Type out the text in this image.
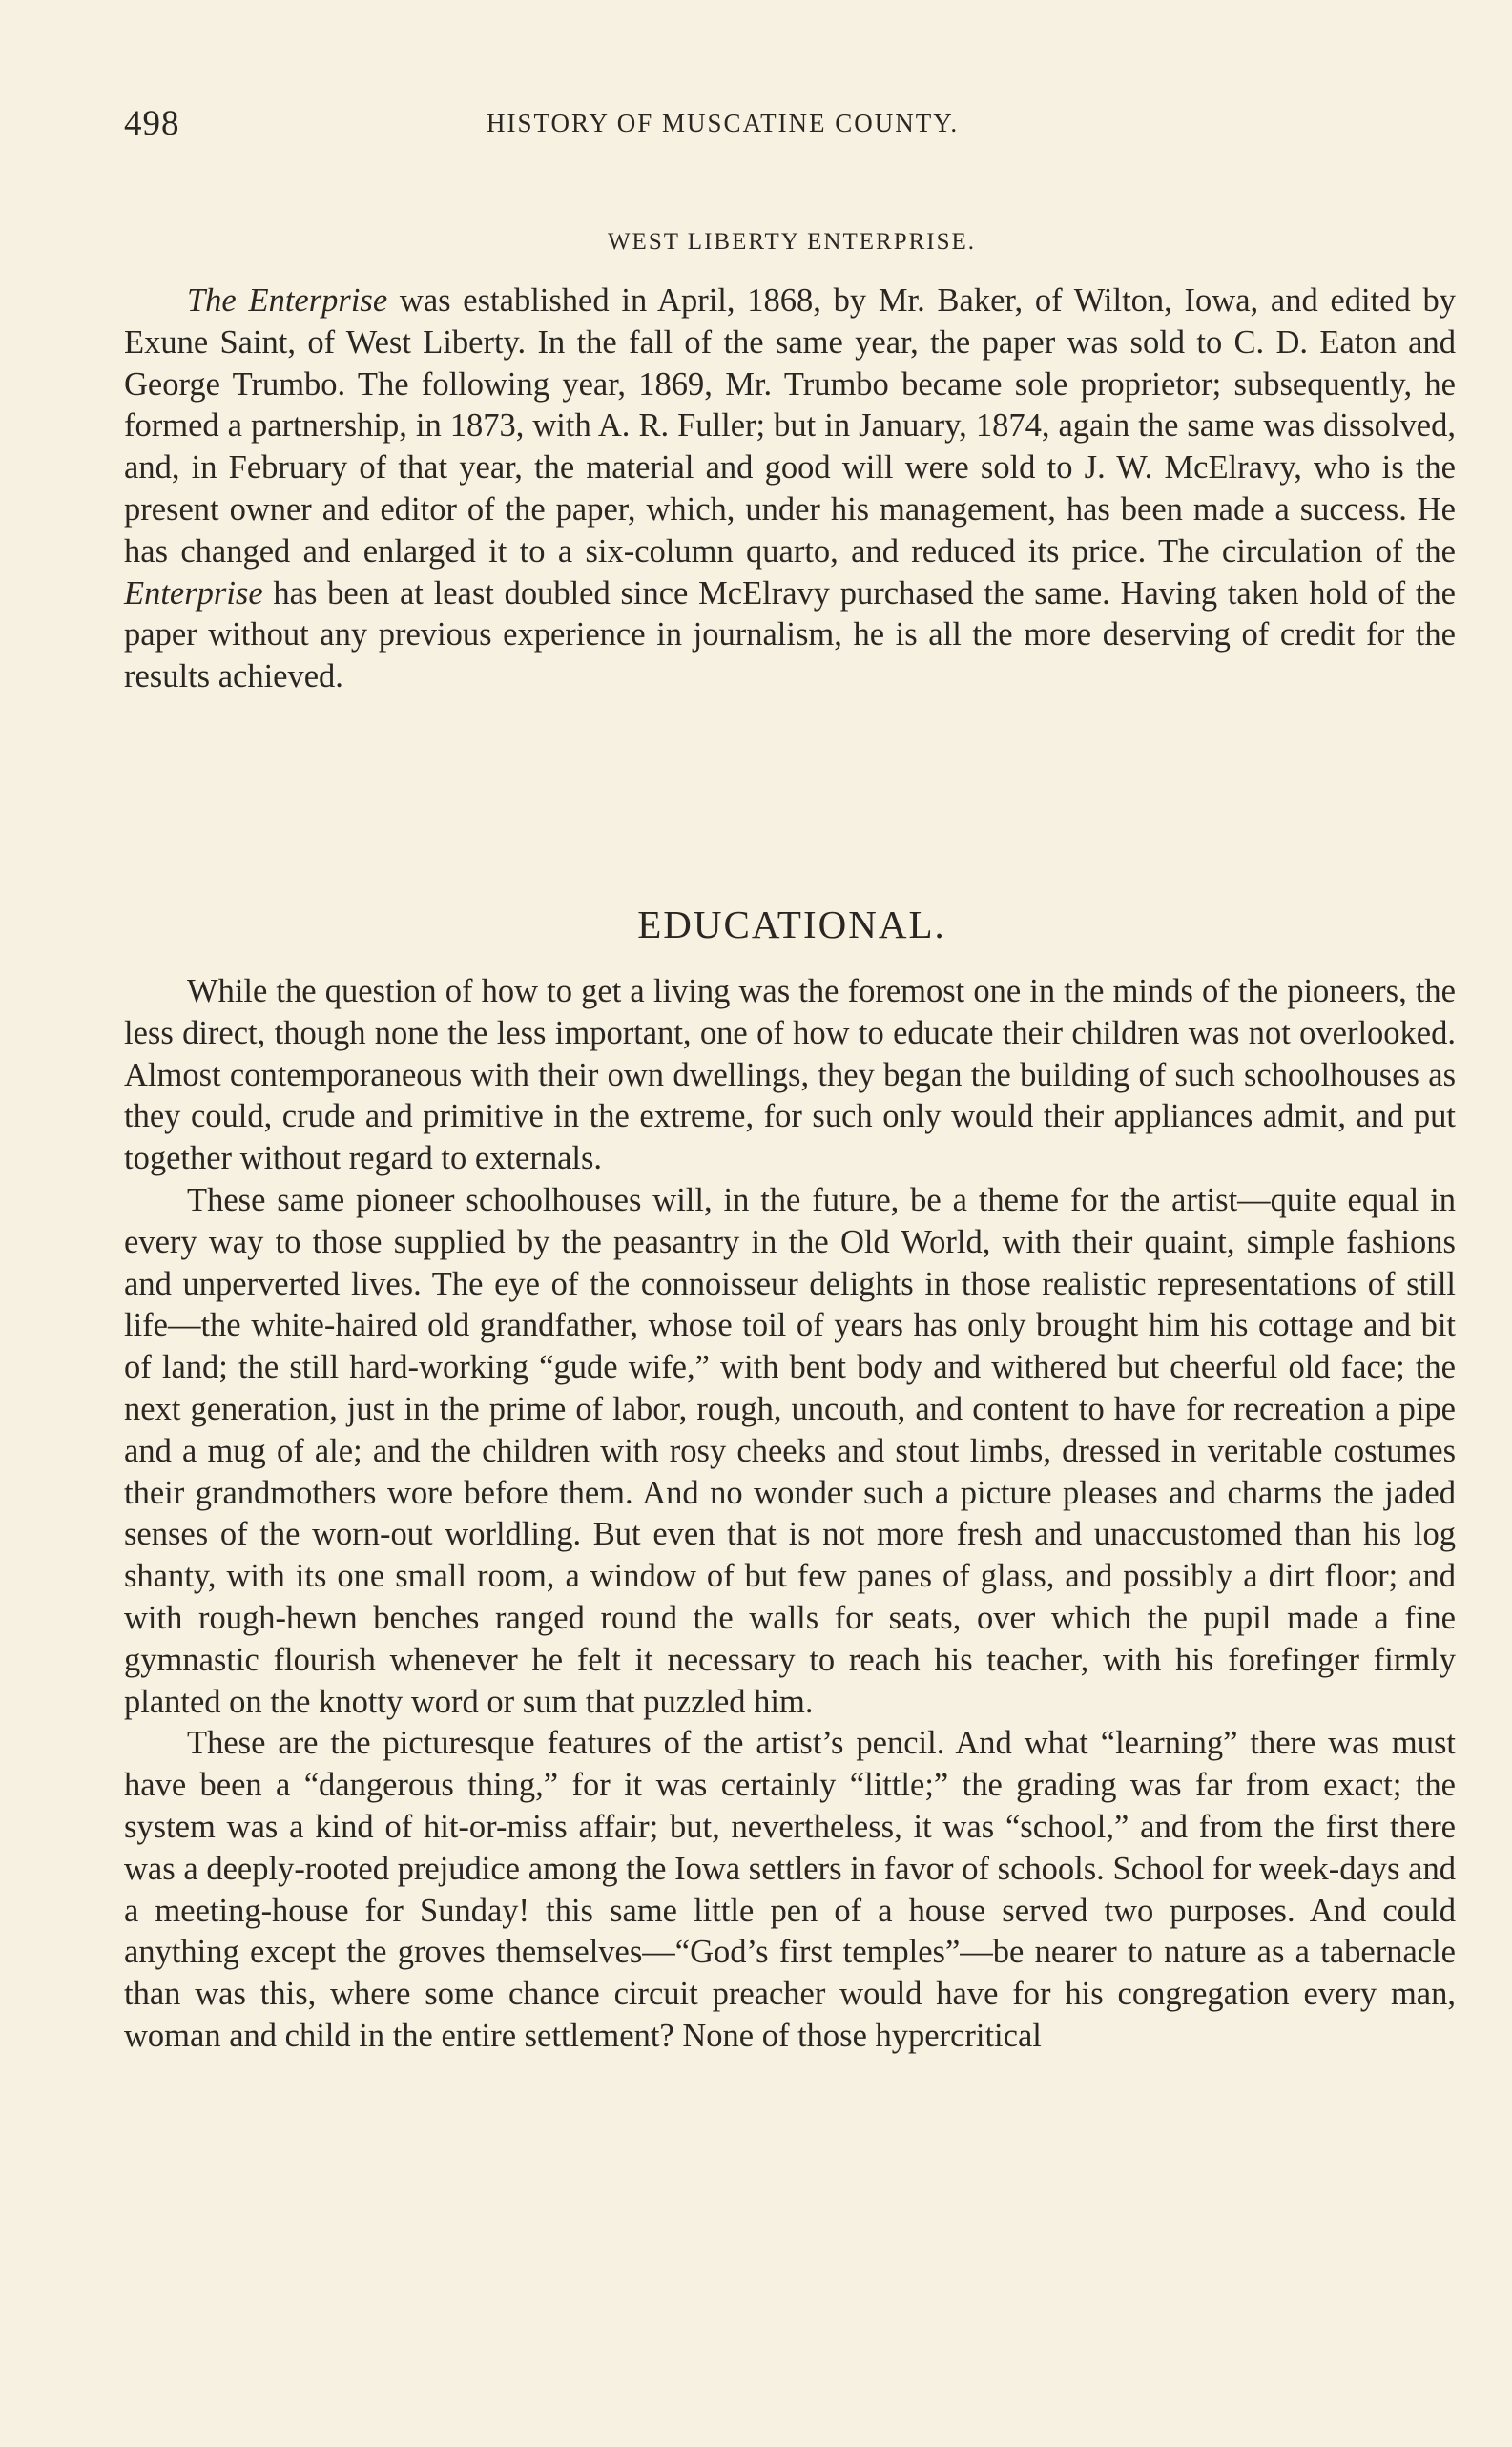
498	HISTORY OF MUSCATINE COUNTY.
WEST LIBERTY ENTERPRISE.

The Enterprise was established in April, 1868, by Mr. Baker, of Wilton, Iowa, and edited by Exune Saint, of West Liberty. In the fall of the same year, the paper was sold to C. D. Eaton and George Trumbo. The following year, 1869, Mr. Trumbo became sole proprietor; subsequently, he formed a partnership, in 1873, with A. R. Fuller; but in January, 1874, again the same was dissolved, and, in February of that year, the material and good will were sold to J. W. McElravy, who is the present owner and editor of the paper, which, under his management, has been made a success. He has changed and enlarged it to a six-column quarto, and reduced its price. The circulation of the Enterprise has been at least doubled since McElravy purchased the same. Having taken hold of the paper without any previous experience in journalism, he is all the more deserving of credit for the results achieved.

EDUCATIONAL.

While the question of how to get a living was the foremost one in the minds of the pioneers, the less direct, though none the less important, one of how to educate their children was not overlooked. Almost contemporaneous with their own dwellings, they began the building of such schoolhouses as they could, crude and primitive in the extreme, for such only would their appliances admit, and put together without regard to externals.

These same pioneer schoolhouses will, in the future, be a theme for the artist—quite equal in every way to those supplied by the peasantry in the Old World, with their quaint, simple fashions and unperverted lives. The eye of the connoisseur delights in those realistic representations of still life—the white-haired old grandfather, whose toil of years has only brought him his cottage and bit of land; the still hard-working “gude wife,” with bent body and withered but cheerful old face; the next generation, just in the prime of labor, rough, uncouth, and content to have for recreation a pipe and a mug of ale; and the children with rosy cheeks and stout limbs, dressed in veritable costumes their grandmothers wore before them. And no wonder such a picture pleases and charms the jaded senses of the worn-out worldling. But even that is not more fresh and unaccustomed than his log shanty, with its one small room, a window of but few panes of glass, and possibly a dirt floor; and with rough-hewn benches ranged round the walls for seats, over which the pupil made a fine gymnastic flourish whenever he felt it necessary to reach his teacher, with his forefinger firmly planted on the knotty word or sum that puzzled him.

These are the picturesque features of the artist’s pencil. And what “learning” there was must have been a “dangerous thing,” for it was certainly “little;” the grading was far from exact; the system was a kind of hit-or-miss affair; but, nevertheless, it was “school,” and from the first there was a deeply-rooted prejudice among the Iowa settlers in favor of schools. School for week-days and a meeting-house for Sunday! this same little pen of a house served two purposes. And could anything except the groves themselves—“God’s first temples”—be nearer to nature as a tabernacle than was this, where some chance circuit preacher would have for his congregation every man, woman and child in the entire settlement? None of those hypercritical
